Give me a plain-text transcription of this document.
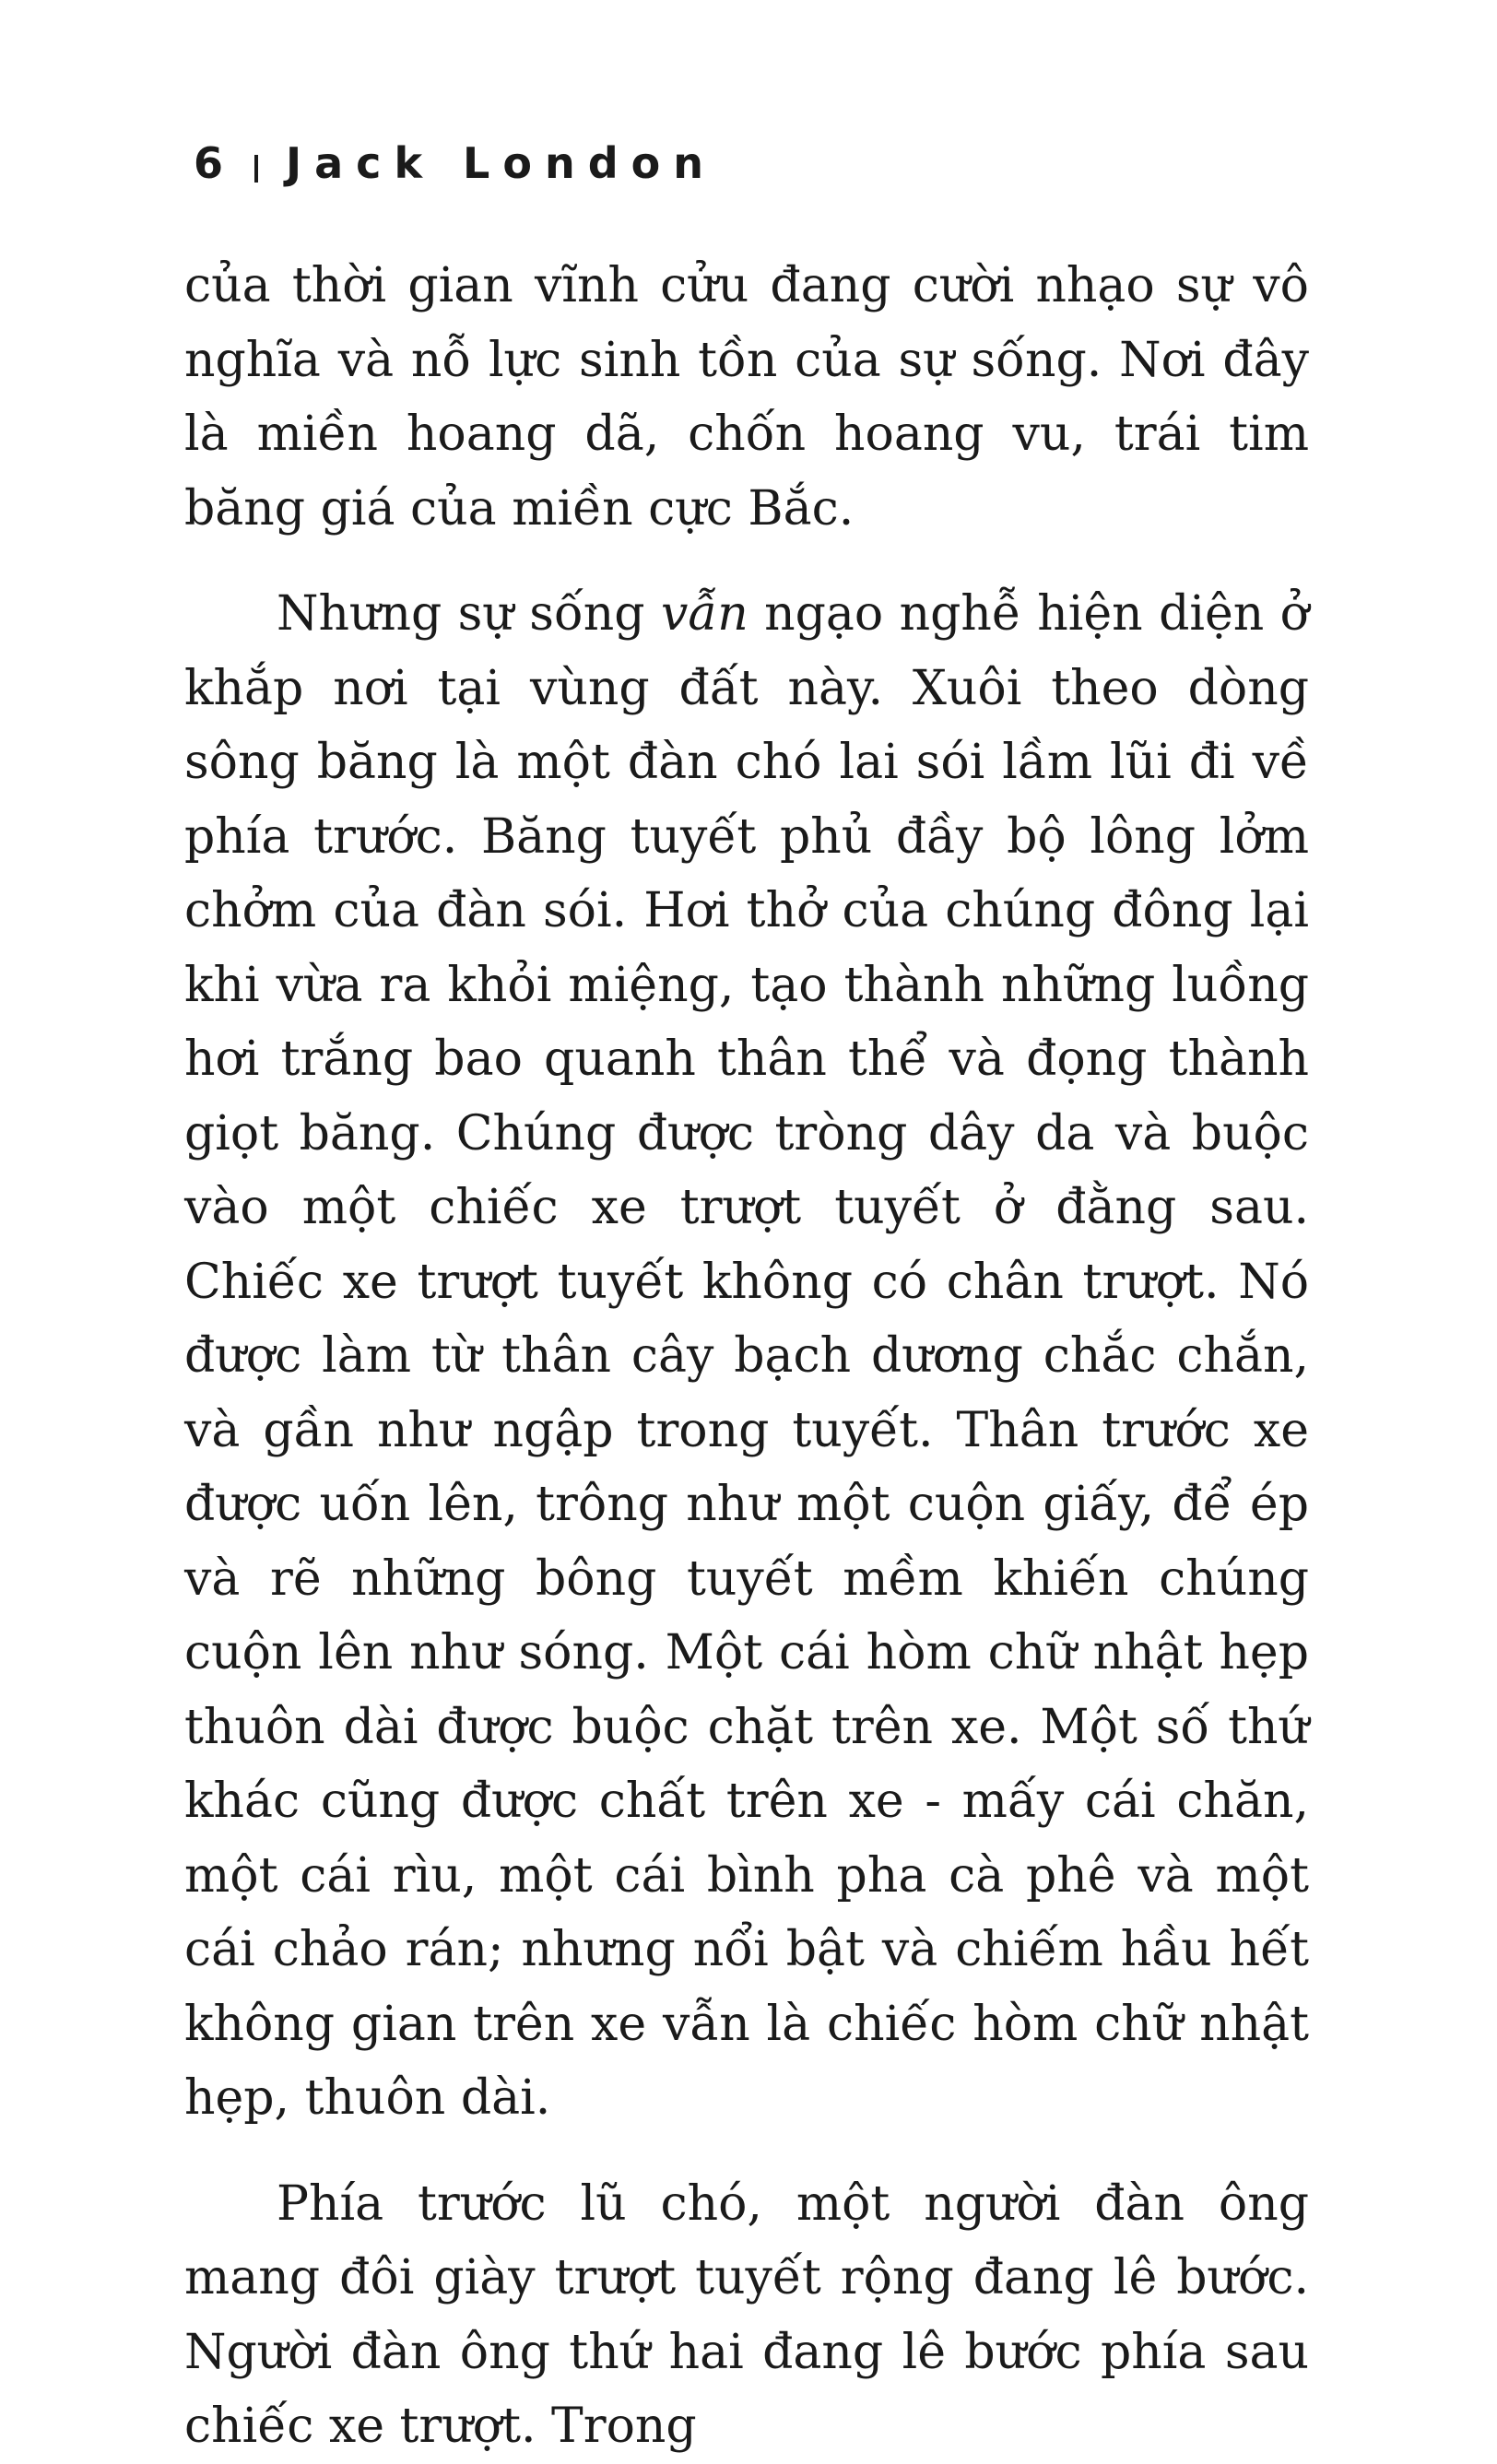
6 Jack London

của thời gian vĩnh cửu đang cười nhạo sự vô nghĩa và nỗ lực sinh tồn của sự sống. Nơi đây là miền hoang dã, chốn hoang vu, trái tim băng giá của miền cực Bắc.

Nhưng sự sống vẫn ngạo nghễ hiện diện ở khắp nơi tại vùng đất này. Xuôi theo dòng sông băng là một đàn chó lai sói lầm lũi đi về phía trước. Băng tuyết phủ đầy bộ lông lởm chởm của đàn sói. Hơi thở của chúng đông lại khi vừa ra khỏi miệng, tạo thành những luồng hơi trắng bao quanh thân thể và đọng thành giọt băng. Chúng được tròng dây da và buộc vào một chiếc xe trượt tuyết ở đằng sau. Chiếc xe trượt tuyết không có chân trượt. Nó được làm từ thân cây bạch dương chắc chắn, và gần như ngập trong tuyết. Thân trước xe được uốn lên, trông như một cuộn giấy, để ép và rẽ những bông tuyết mềm khiến chúng cuộn lên như sóng. Một cái hòm chữ nhật hẹp thuôn dài được buộc chặt trên xe. Một số thứ khác cũng được chất trên xe - mấy cái chăn, một cái rìu, một cái bình pha cà phê và một cái chảo rán; nhưng nổi bật và chiếm hầu hết không gian trên xe vẫn là chiếc hòm chữ nhật hẹp, thuôn dài.

Phía trước lũ chó, một người đàn ông mang đôi giày trượt tuyết rộng đang lê bước. Người đàn ông thứ hai đang lê bước phía sau chiếc xe trượt. Trong
